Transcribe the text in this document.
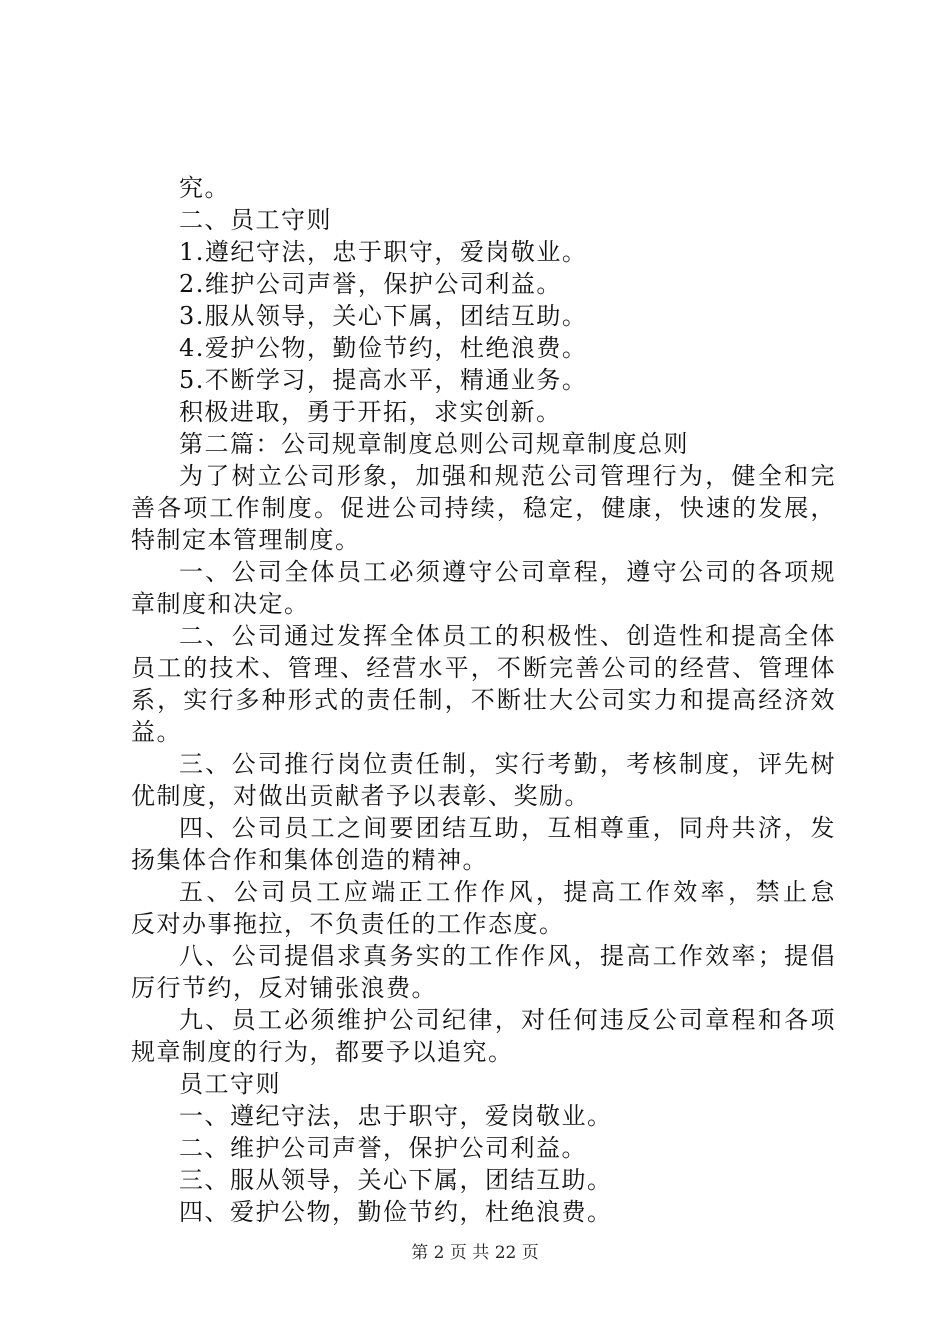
究。
二、员工守则
1.遵纪守法，忠于职守，爱岗敬业。
2.维护公司声誉，保护公司利益。
3.服从领导，关心下属，团结互助。
4.爱护公物，勤俭节约，杜绝浪费。
5.不断学习，提高水平，精通业务。
积极进取，勇于开拓，求实创新。
第二篇：公司规章制度总则公司规章制度总则
为了树立公司形象，加强和规范公司管理行为，健全和完
善各项工作制度。促进公司持续，稳定，健康，快速的发展，
特制定本管理制度。
一、公司全体员工必须遵守公司章程，遵守公司的各项规
章制度和决定。
二、公司通过发挥全体员工的积极性、创造性和提高全体
员工的技术、管理、经营水平，不断完善公司的经营、管理体
系，实行多种形式的责任制，不断壮大公司实力和提高经济效
益。
三、公司推行岗位责任制，实行考勤，考核制度，评先树
优制度，对做出贡献者予以表彰、奖励。
四、公司员工之间要团结互助，互相尊重，同舟共济，发
扬集体合作和集体创造的精神。
五、公司员工应端正工作作风，提高工作效率，禁止怠
反对办事拖拉，不负责任的工作态度。
八、公司提倡求真务实的工作作风，提高工作效率；提倡
厉行节约，反对铺张浪费。
九、员工必须维护公司纪律，对任何违反公司章程和各项
规章制度的行为，都要予以追究。
员工守则
一、遵纪守法，忠于职守，爱岗敬业。
二、维护公司声誉，保护公司利益。
三、服从领导，关心下属，团结互助。
四、爱护公物，勤俭节约，杜绝浪费。
第 2 页 共 22 页
